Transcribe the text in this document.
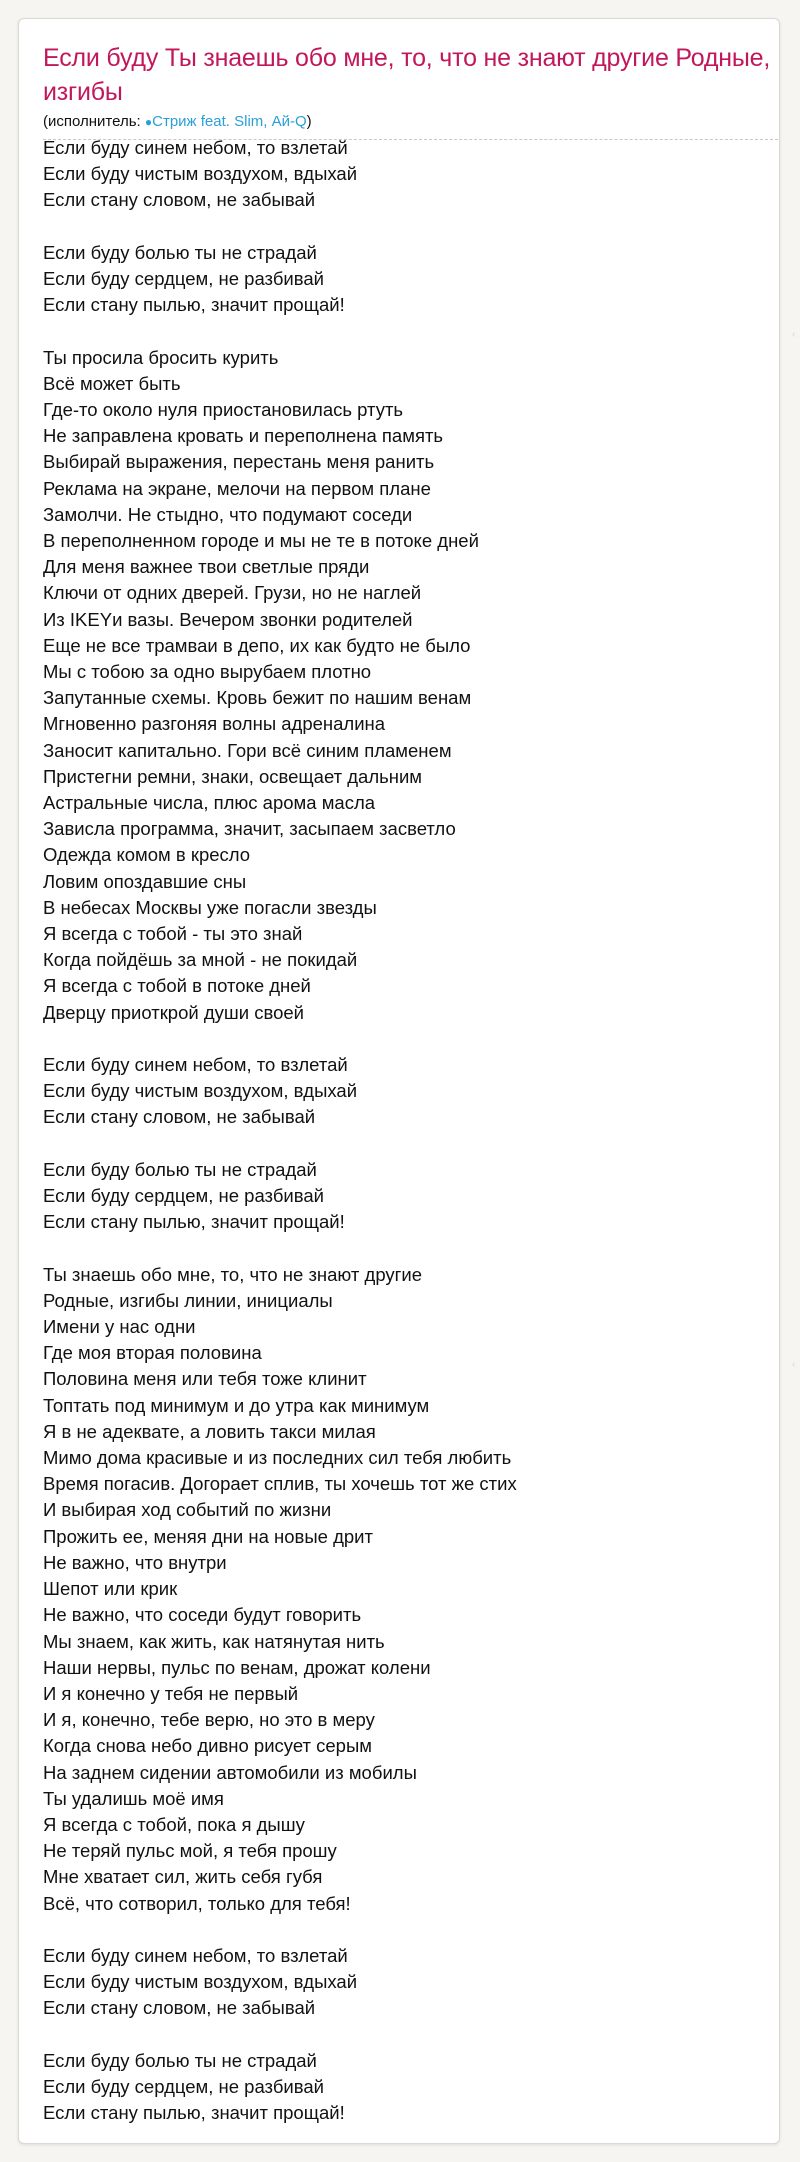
Если буду Ты знаешь обо мне, то, что не знают другие Родные, изгибы
(исполнитель: ●Стриж feat. Slim, Ай-Q)
Если буду синем небом, то взлетай
Если буду чистым воздухом, вдыхай
Если стану словом, не забывай
Если буду болью ты не страдай
Если буду сердцем, не разбивай
Если стану пылью, значит прощай!
Ты просила бросить курить
Всё может быть
Где-то около нуля приостановилась ртуть
Не заправлена кровать и переполнена память
Выбирай выражения, перестань меня ранить
Реклама на экране, мелочи на первом плане
Замолчи. Не стыдно, что подумают соседи
В переполненном городе и мы не те в потоке дней
Для меня важнее твои светлые пряди
Ключи от одних дверей. Грузи, но не наглей
Из IKEYи вазы. Вечером звонки родителей
Еще не все трамваи в депо, их как будто не было
Мы с тобою за одно вырубаем плотно
Запутанные схемы. Кровь бежит по нашим венам
Мгновенно разгоняя волны адреналина
Заносит капитально. Гори всё синим пламенем
Пристегни ремни, знаки, освещает дальним
Астральные числа, плюс арома масла
Зависла программа, значит, засыпаем засветло
Одежда комом в кресло
Ловим опоздавшие сны
В небесах Москвы уже погасли звезды
Я всегда с тобой - ты это знай
Когда пойдёшь за мной - не покидай
Я всегда с тобой в потоке дней
Дверцу приоткрой души своей
Если буду синем небом, то взлетай
Если буду чистым воздухом, вдыхай
Если стану словом, не забывай
Если буду болью ты не страдай
Если буду сердцем, не разбивай
Если стану пылью, значит прощай!
Ты знаешь обо мне, то, что не знают другие
Родные, изгибы линии, инициалы
Имени у нас одни
Где моя вторая половина
Половина меня или тебя тоже клинит
Топтать под минимум и до утра как минимум
Я в не адеквате, а ловить такси милая
Мимо дома красивые и из последних сил тебя любить
Время погасив. Догорает сплив, ты хочешь тот же стих
И выбирая ход событий по жизни
Прожить ее, меняя дни на новые дрит
Не важно, что внутри
Шепот или крик
Не важно, что соседи будут говорить
Мы знаем, как жить, как натянутая нить
Наши нервы, пульс по венам, дрожат колени
И я конечно у тебя не первый
И я, конечно, тебе верю, но это в меру
Когда снова небо дивно рисует серым
На заднем сидении автомобили из мобилы
Ты удалишь моё имя
Я всегда с тобой, пока я дышу
Не теряй пульс мой, я тебя прошу
Мне хватает сил, жить себя губя
Всё, что сотворил, только для тебя!
Если буду синем небом, то взлетай
Если буду чистым воздухом, вдыхай
Если стану словом, не забывай
Если буду болью ты не страдай
Если буду сердцем, не разбивай
Если стану пылью, значит прощай!
‹
‹
